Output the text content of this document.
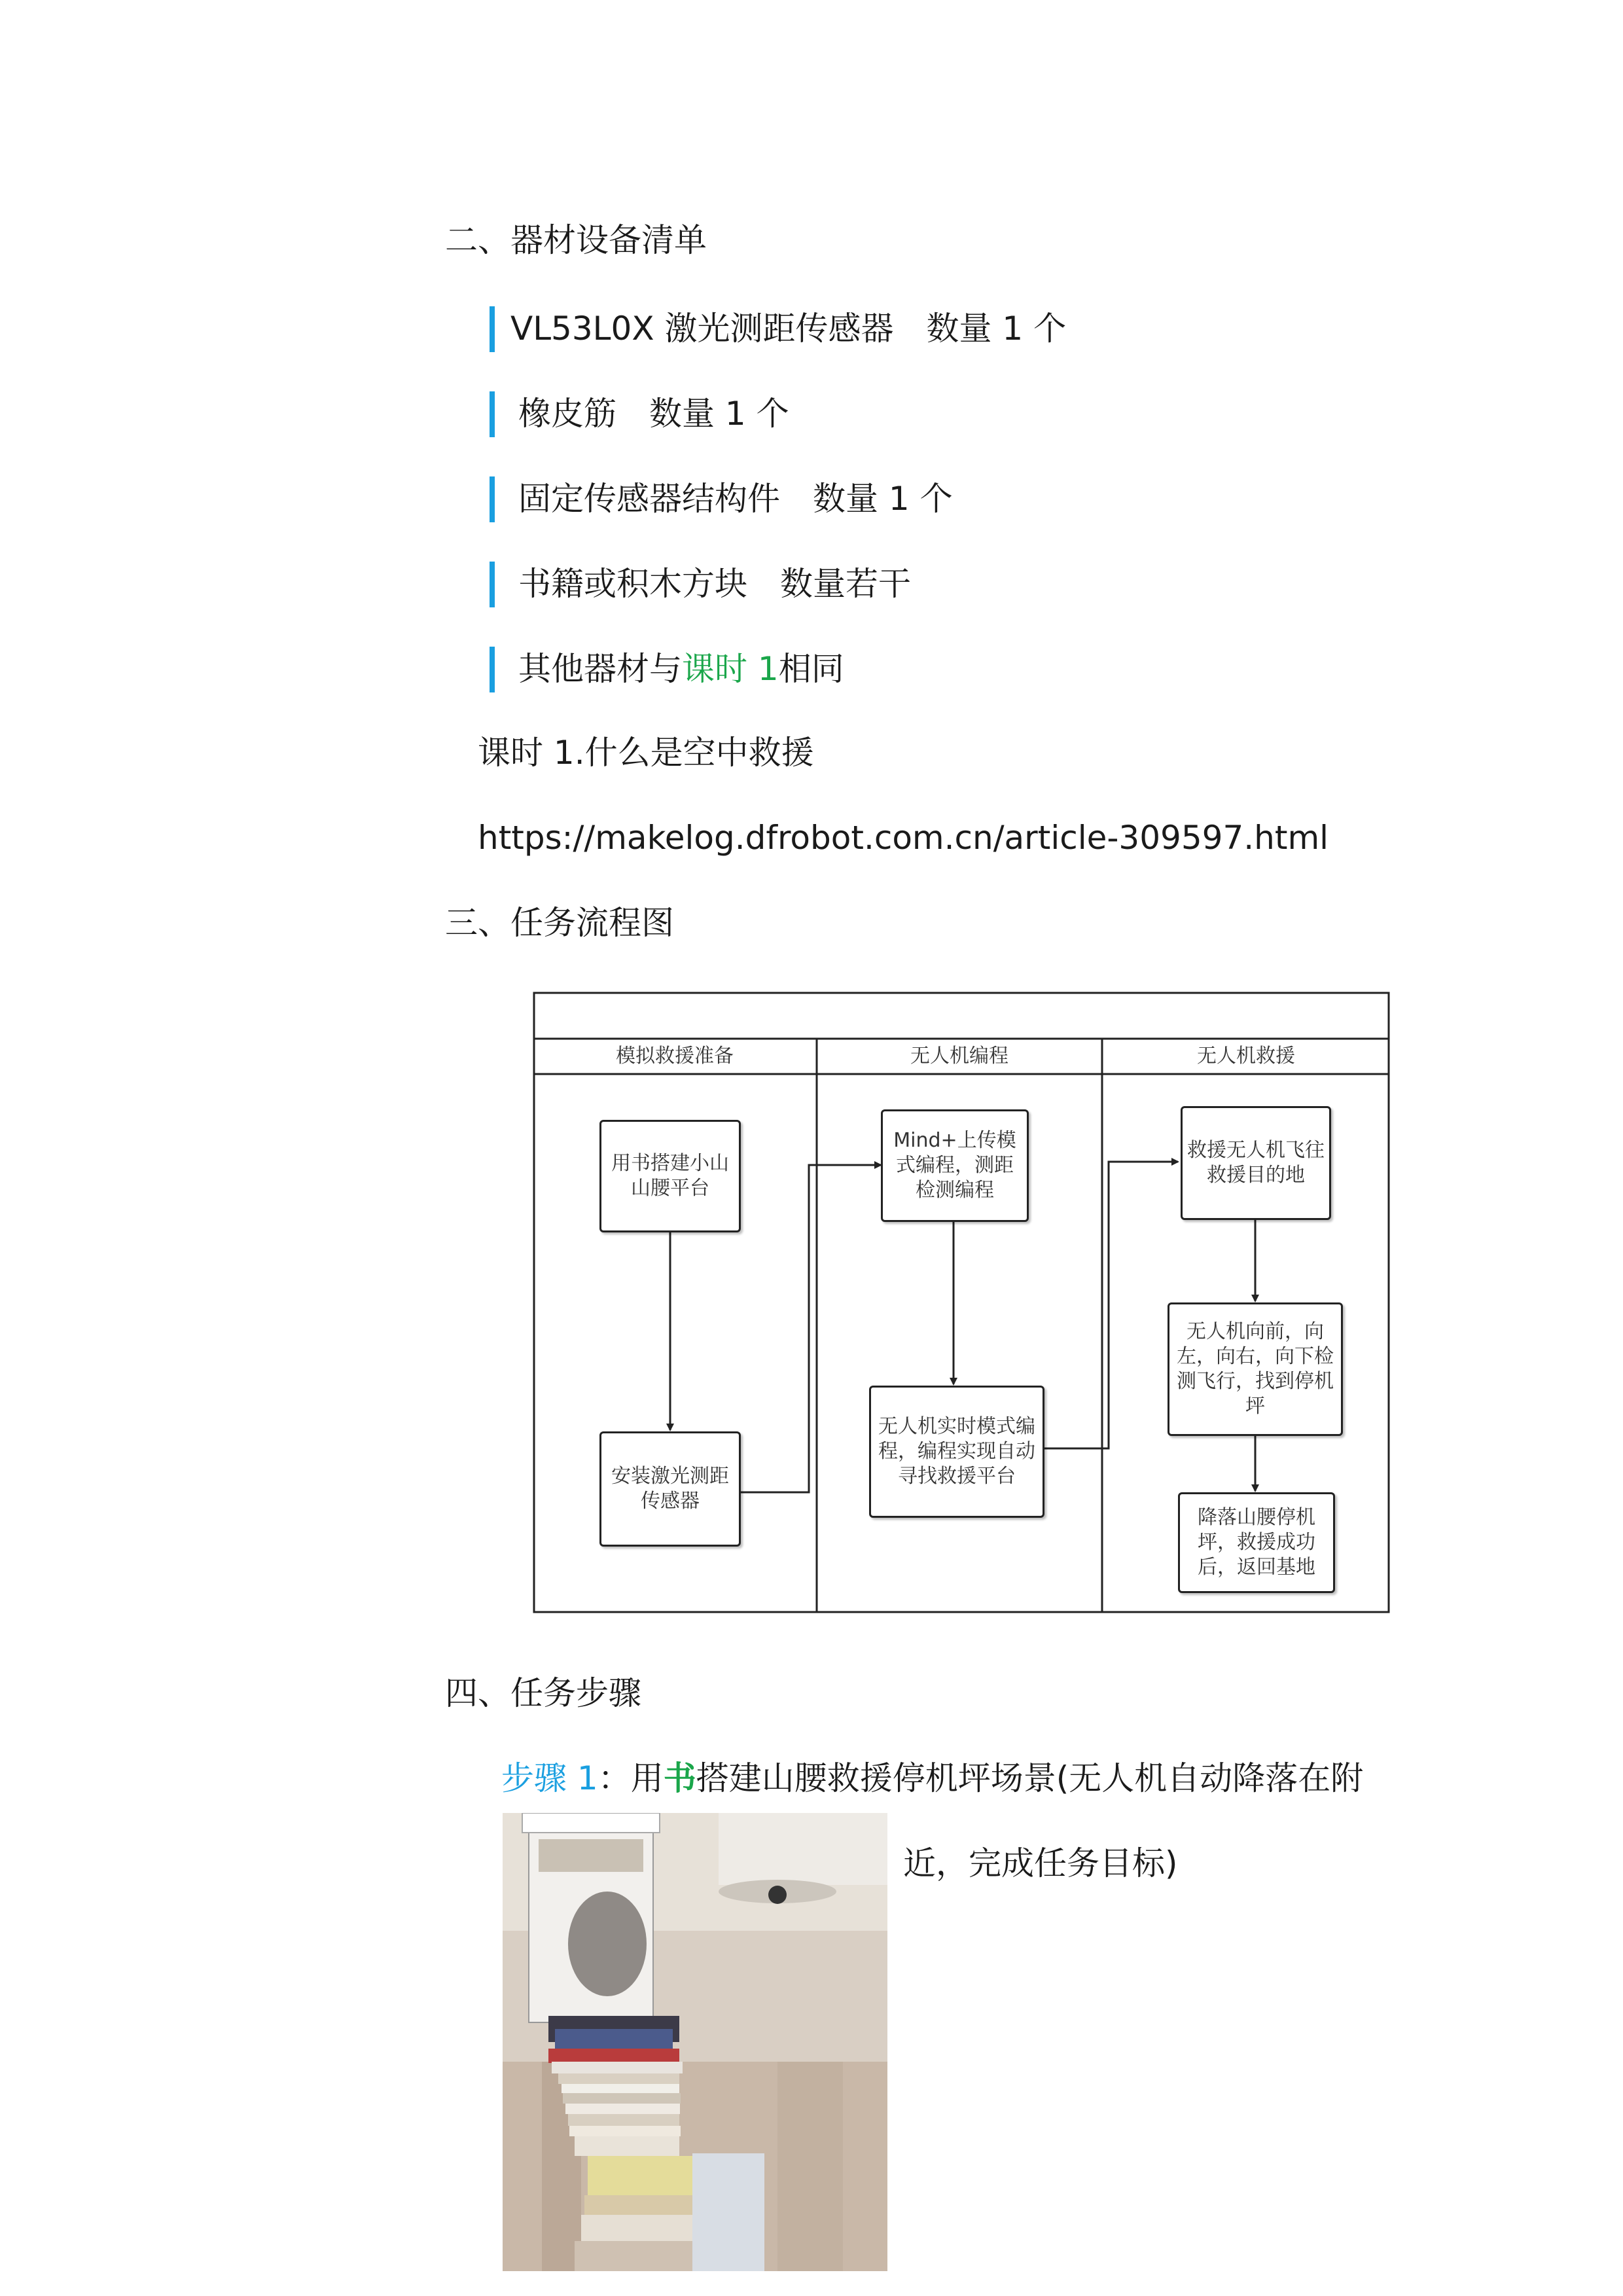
二、器材设备清单
VL53L0X 激光测距传感器　数量 1 个
橡皮筋　数量 1 个
固定传感器结构件　数量 1 个
书籍或积木方块　数量若干
其他器材与课时 1相同
课时 1.什么是空中救援
https://makelog.dfrobot.com.cn/article-309597.html
三、任务流程图
模拟救援准备	无人机编程	无人机救援
用书搭建小山山腰平台
安装激光测距传感器
Mind+上传模式编程，测距检测编程
无人机实时模式编程，编程实现自动寻找救援平台
救援无人机飞往救援目的地
无人机向前，向左，向右，向下检测飞行，找到停机坪
降落山腰停机坪，救援成功后，返回基地
四、任务步骤
步骤 1：用书搭建山腰救援停机坪场景(无人机自动降落在附
近，完成任务目标)
